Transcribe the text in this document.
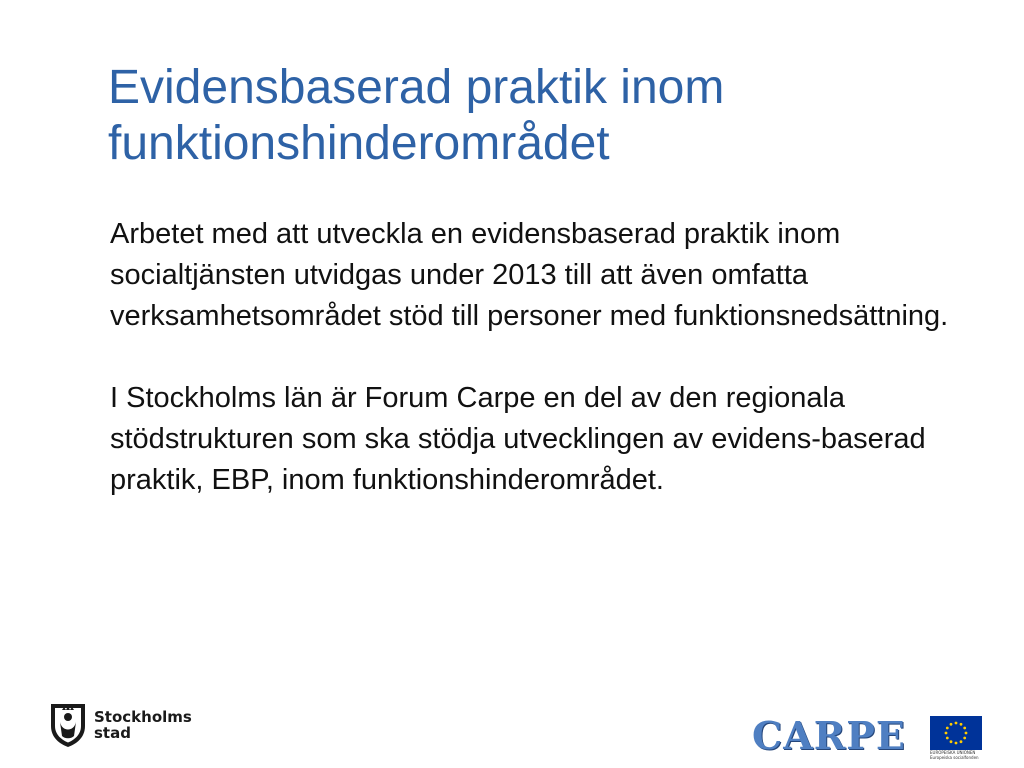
Evidensbaserad praktik inom
funktionshinderområdet

Arbetet med att utveckla en evidensbaserad praktik inom socialtjänsten utvidgas under 2013 till att även omfatta verksamhetsområdet stöd till personer med funktionsnedsättning.

I Stockholms län är Forum Carpe en del av den regionala stödstrukturen som ska stödja utvecklingen av evidens-baserad praktik, EBP, inom funktionshinderområdet.

Stockholms
stad	CARPE	EUROPEISKA UNIONEN
Europeiska socialfonden
